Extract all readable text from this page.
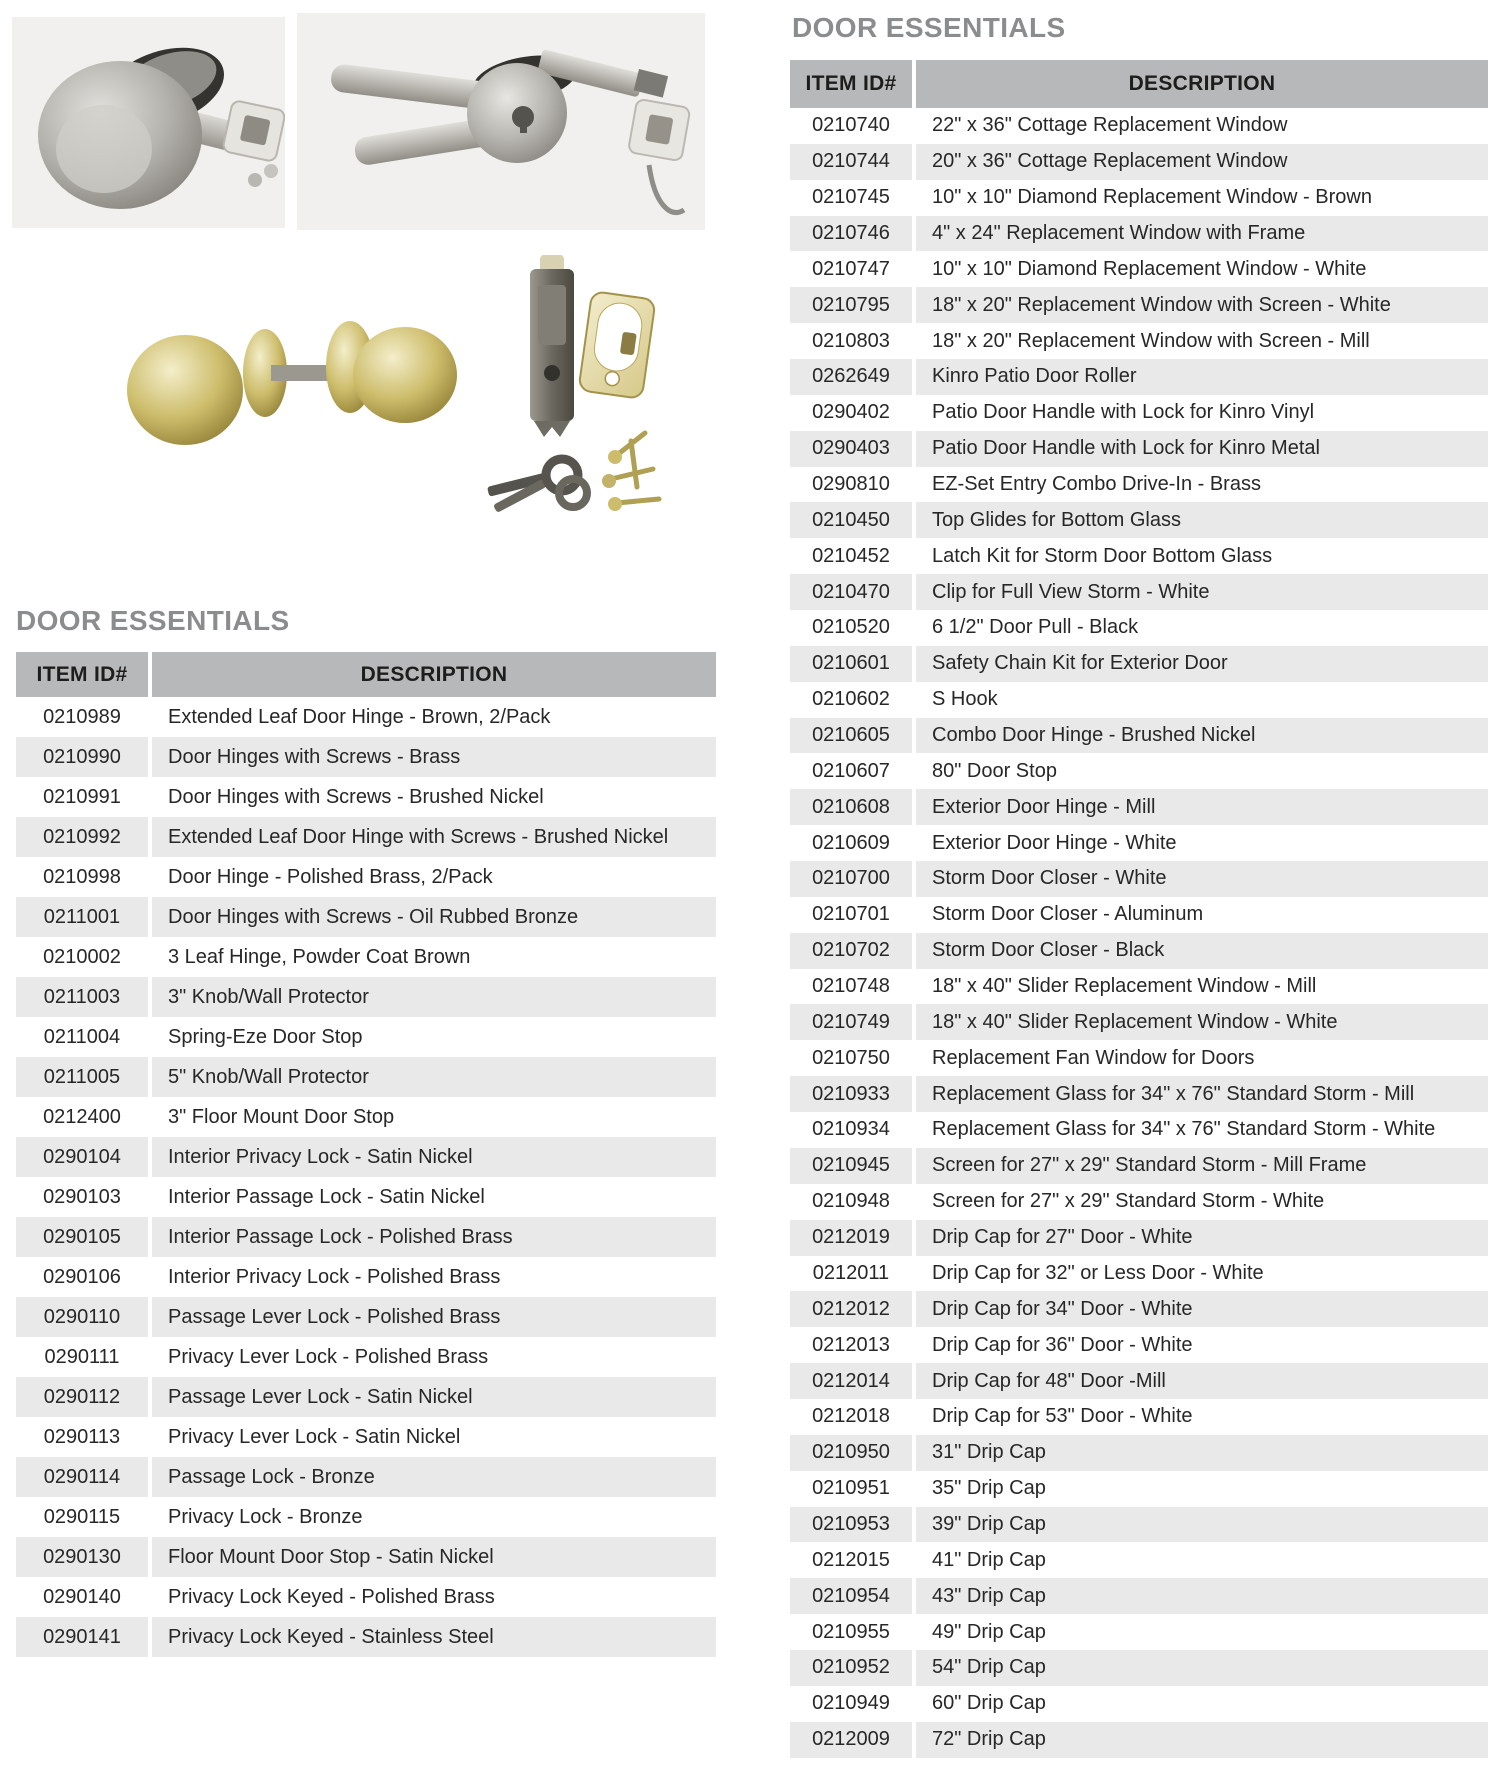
DOOR ESSENTIALS
ITEM ID#	DESCRIPTION
0210989	Extended Leaf Door Hinge - Brown, 2/Pack
0210990	Door Hinges with Screws - Brass
0210991	Door Hinges with Screws - Brushed Nickel
0210992	Extended Leaf Door Hinge with Screws - Brushed Nickel
0210998	Door Hinge - Polished Brass, 2/Pack
0211001	Door Hinges with Screws - Oil Rubbed Bronze
0210002	3 Leaf Hinge, Powder Coat Brown
0211003	3" Knob/Wall Protector
0211004	Spring-Eze Door Stop
0211005	5" Knob/Wall Protector
0212400	3" Floor Mount Door Stop
0290104	Interior Privacy Lock - Satin Nickel
0290103	Interior Passage Lock - Satin Nickel
0290105	Interior Passage Lock - Polished Brass
0290106	Interior Privacy Lock - Polished Brass
0290110	Passage Lever Lock - Polished Brass
0290111	Privacy Lever Lock - Polished Brass
0290112	Passage Lever Lock - Satin Nickel
0290113	Privacy Lever Lock - Satin Nickel
0290114	Passage Lock - Bronze
0290115	Privacy Lock - Bronze
0290130	Floor Mount Door Stop - Satin Nickel
0290140	Privacy Lock Keyed - Polished Brass
0290141	Privacy Lock Keyed - Stainless Steel
DOOR ESSENTIALS
ITEM ID#	DESCRIPTION
0210740	22" x 36" Cottage Replacement Window
0210744	20" x 36" Cottage Replacement Window
0210745	10" x 10" Diamond Replacement Window - Brown
0210746	4" x 24" Replacement Window with Frame
0210747	10" x 10" Diamond Replacement Window - White
0210795	18" x 20" Replacement Window with Screen - White
0210803	18" x 20" Replacement Window with Screen - Mill
0262649	Kinro Patio Door Roller
0290402	Patio Door Handle with Lock for Kinro Vinyl
0290403	Patio Door Handle with Lock for Kinro Metal
0290810	EZ-Set Entry Combo Drive-In - Brass
0210450	Top Glides for Bottom Glass
0210452	Latch Kit for Storm Door Bottom Glass
0210470	Clip for Full View Storm - White
0210520	6 1/2" Door Pull - Black
0210601	Safety Chain Kit for Exterior Door
0210602	S Hook
0210605	Combo Door Hinge - Brushed Nickel
0210607	80" Door Stop
0210608	Exterior Door Hinge - Mill
0210609	Exterior Door Hinge - White
0210700	Storm Door Closer - White
0210701	Storm Door Closer - Aluminum
0210702	Storm Door Closer - Black
0210748	18" x 40" Slider Replacement Window - Mill
0210749	18" x 40" Slider Replacement Window - White
0210750	Replacement Fan Window for Doors
0210933	Replacement Glass for 34" x 76" Standard Storm - Mill
0210934	Replacement Glass for 34" x 76" Standard Storm - White
0210945	Screen for 27" x 29" Standard Storm - Mill Frame
0210948	Screen for 27" x 29" Standard Storm - White
0212019	Drip Cap for 27" Door - White
0212011	Drip Cap for 32" or Less Door - White
0212012	Drip Cap for 34" Door - White
0212013	Drip Cap for 36" Door - White
0212014	Drip Cap for 48" Door -Mill
0212018	Drip Cap for 53" Door - White
0210950	31" Drip Cap
0210951	35" Drip Cap
0210953	39" Drip Cap
0212015	41" Drip Cap
0210954	43" Drip Cap
0210955	49" Drip Cap
0210952	54" Drip Cap
0210949	60" Drip Cap
0212009	72" Drip Cap
